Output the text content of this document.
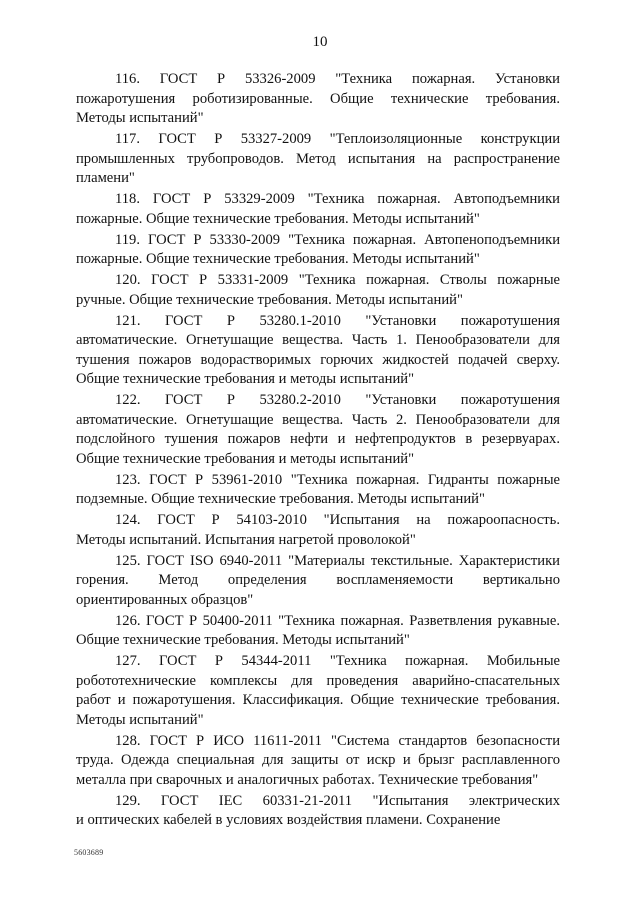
10
116. ГОСТ Р 53326-2009 "Техника пожарная. Установки
пожаротушения роботизированные. Общие технические требования.
Методы испытаний"
117. ГОСТ Р 53327-2009 "Теплоизоляционные конструкции
промышленных трубопроводов. Метод испытания на распространение
пламени"
118. ГОСТ Р 53329-2009 "Техника пожарная. Автоподъемники
пожарные. Общие технические требования. Методы испытаний"
119. ГОСТ Р 53330-2009 "Техника пожарная. Автопеноподъемники
пожарные. Общие технические требования. Методы испытаний"
120. ГОСТ Р 53331-2009 "Техника пожарная. Стволы пожарные
ручные. Общие технические требования. Методы испытаний"
121. ГОСТ Р 53280.1-2010 "Установки пожаротушения
автоматические. Огнетушащие вещества. Часть 1. Пенообразователи для
тушения пожаров водорастворимых горючих жидкостей подачей сверху.
Общие технические требования и методы испытаний"
122. ГОСТ Р 53280.2-2010 "Установки пожаротушения
автоматические. Огнетушащие вещества. Часть 2. Пенообразователи для
подслойного тушения пожаров нефти и нефтепродуктов в резервуарах.
Общие технические требования и методы испытаний"
123. ГОСТ Р 53961-2010 "Техника пожарная. Гидранты пожарные
подземные. Общие технические требования. Методы испытаний"
124. ГОСТ Р 54103-2010 "Испытания на пожароопасность.
Методы испытаний. Испытания нагретой проволокой"
125. ГОСТ ISO 6940-2011 "Материалы текстильные. Характеристики
горения. Метод определения воспламеняемости вертикально
ориентированных образцов"
126. ГОСТ Р 50400-2011 "Техника пожарная. Разветвления рукавные.
Общие технические требования. Методы испытаний"
127. ГОСТ Р 54344-2011 "Техника пожарная. Мобильные
робототехнические комплексы для проведения аварийно-спасательных
работ и пожаротушения. Классификация. Общие технические требования.
Методы испытаний"
128. ГОСТ Р ИСО 11611-2011 "Система стандартов безопасности
труда. Одежда специальная для защиты от искр и брызг расплавленного
металла при сварочных и аналогичных работах. Технические требования"
129. ГОСТ IEC 60331-21-2011 "Испытания электрических
и оптических кабелей в условиях воздействия пламени. Сохранение
5603689
